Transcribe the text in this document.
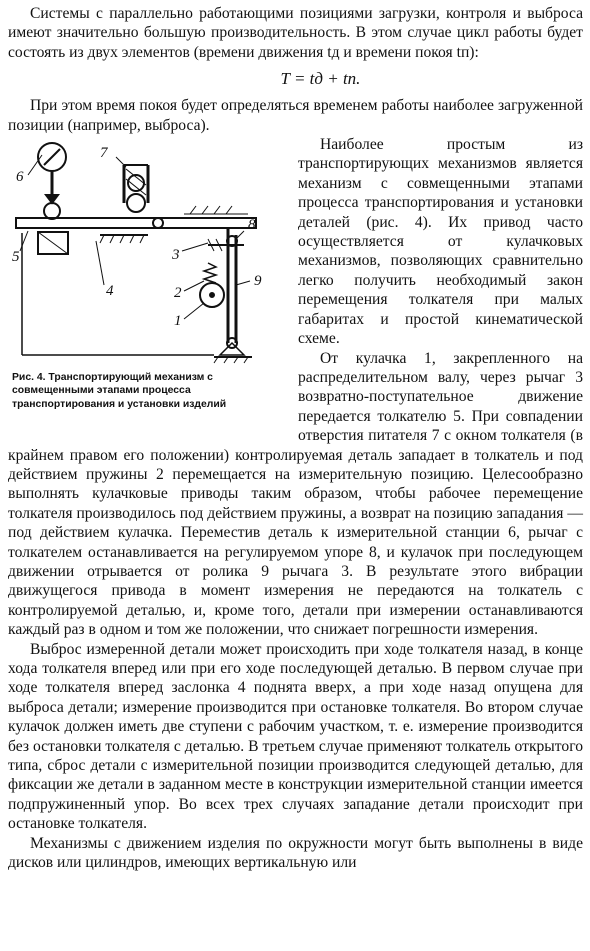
Системы с параллельно работающими позициями загрузки, контроля и выброса имеют значительно большую производительность. В этом случае цикл работы будет состоять из двух элементов (времени движения tд и времени покоя tп):

T = tд + tп.

При этом время покоя будет определяться временем работы наиболее загруженной позиции (например, выброса).

6
7
5
4
3
2
1
8
9
Рис. 4. Транспортирующий механизм с совмещенными этапами процесса транспортирования и установки изделий

Наиболее простым из транспортирующих механизмов является механизм с совмещенными этапами процесса транспортирования и установки деталей (рис. 4). Их привод часто осуществляется от кулачковых механизмов, позволяющих сравнительно легко получить необходимый закон перемещения толкателя при малых габаритах и простой кинематической схеме.

От кулачка 1, закрепленного на распределительном валу, через рычаг 3 возвратно-поступательное движение передается толкателю 5. При совпадении отверстия питателя 7 с окном толкателя (в крайнем правом его положении) контролируемая деталь западает в толкатель и под действием пружины 2 перемещается на измерительную позицию. Целесообразно выполнять кулачковые приводы таким образом, чтобы рабочее перемещение толкателя производилось под действием пружины, а возврат на позицию западания — под действием кулачка. Переместив деталь к измерительной станции 6, рычаг с толкателем останавливается на регулируемом упоре 8, и кулачок при последующем движении отрывается от ролика 9 рычага 3. В результате этого вибрации движущегося привода в момент измерения не передаются на толкатель с контролируемой деталью, и, кроме того, детали при измерении останавливаются каждый раз в одном и том же положении, что снижает погрешности измерения.

Выброс измеренной детали может происходить при ходе толкателя назад, в конце хода толкателя вперед или при его ходе последующей деталью. В первом случае при ходе толкателя вперед заслонка 4 поднята вверх, а при ходе назад опущена для выброса детали; измерение производится при остановке толкателя. Во втором случае кулачок должен иметь две ступени с рабочим участком, т. е. измерение производится без остановки толкателя с деталью. В третьем случае применяют толкатель открытого типа, сброс детали с измерительной позиции производится следующей деталью, для фиксации же детали в заданном месте в конструкции измерительной станции имеется подпружиненный упор. Во всех трех случаях западание детали происходит при остановке толкателя.

Механизмы с движением изделия по окружности могут быть выполнены в виде дисков или цилиндров, имеющих вертикальную или
